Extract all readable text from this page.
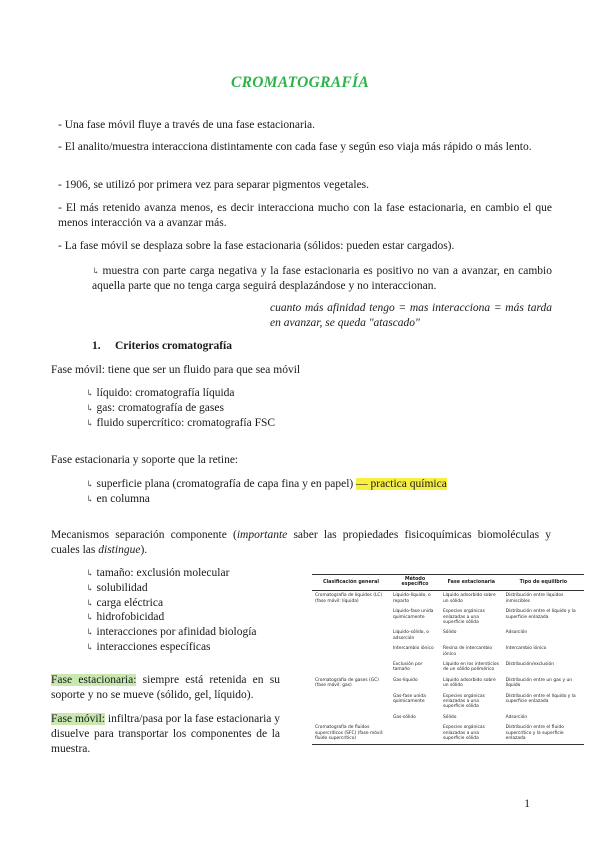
CROMATOGRAFÍA
- Una fase móvil fluye a través de una fase estacionaria.
- El analito/muestra interacciona distintamente con cada fase y según eso viaja más rápido o más lento.
- 1906, se utilizó por primera vez para separar pigmentos vegetales.
- El más retenido avanza menos, es decir interacciona mucho con la fase estacionaria, en cambio el que menos interacción va a avanzar más.
- La fase móvil se desplaza sobre la fase estacionaria (sólidos: pueden estar cargados).
↳ muestra con parte carga negativa y la fase estacionaria es positivo no van a avanzar, en cambio aquella parte que no tenga carga seguirá desplazándose y no interaccionan.
cuanto más afinidad tengo = mas interacciona = más tarda en avanzar, se queda "atascado"
1. Criterios cromatografía
Fase móvil: tiene que ser un fluido para que sea móvil
↳ líquido: cromatografía líquida
↳ gas: cromatografía de gases
↳ fluido supercrítico: cromatografía FSC
Fase estacionaria y soporte que la retine:
↳ superficie plana (cromatografía de capa fina y en papel) — practica química
↳ en columna
Mecanismos separación componente (importante saber las propiedades fisicoquímicas biomoléculas y cuales las distingue).
↳ tamaño: exclusión molecular
↳ solubilidad
↳ carga eléctrica
↳ hidrofobicidad
↳ interacciones por afinidad biología
↳ interacciones específicas
Fase estacionaria: siempre está retenida en su soporte y no se mueve (sólido, gel, líquido).
Fase móvil: infiltra/pasa por la fase estacionaria y disuelve para transportar los componentes de la muestra.
Clasificación general	Método específico	Fase estacionaria	Tipo de equilibrio
Cromatografía de líquidos (LC) (fase móvil: líquida)	Líquido-líquido, o reparto	Líquido adsorbido sobre un sólido	Distribución entre líquidos inmiscibles
	Líquido-fase unida químicamente	Especies orgánicas enlazadas a una superficie sólida	Distribución entre el líquido y la superficie enlazada
	Líquido-sólido, o adsorción	Sólido	Adsorción
	Intercambio iónico	Resina de intercambio iónico	Intercambio iónico
	Exclusión por tamaño	Líquido en los intersticios de un sólido polimérico	Distribución/exclusión
Cromatografía de gases (GC) (fase móvil: gas)	Gas-líquido	Líquido adsorbido sobre un sólido	Distribución entre un gas y un líquido
	Gas-fase unida químicamente	Especies orgánicas enlazadas a una superficie sólida	Distribución entre el líquido y la superficie enlazada
	Gas-sólido	Sólido	Adsorción
Cromatografía de fluidos supercríticos (SFC) (fase móvil: fluido supercrítico)		Especies orgánicas enlazadas a una superficie sólida	Distribución entre el fluido supercrítico y la superficie enlazada
1
